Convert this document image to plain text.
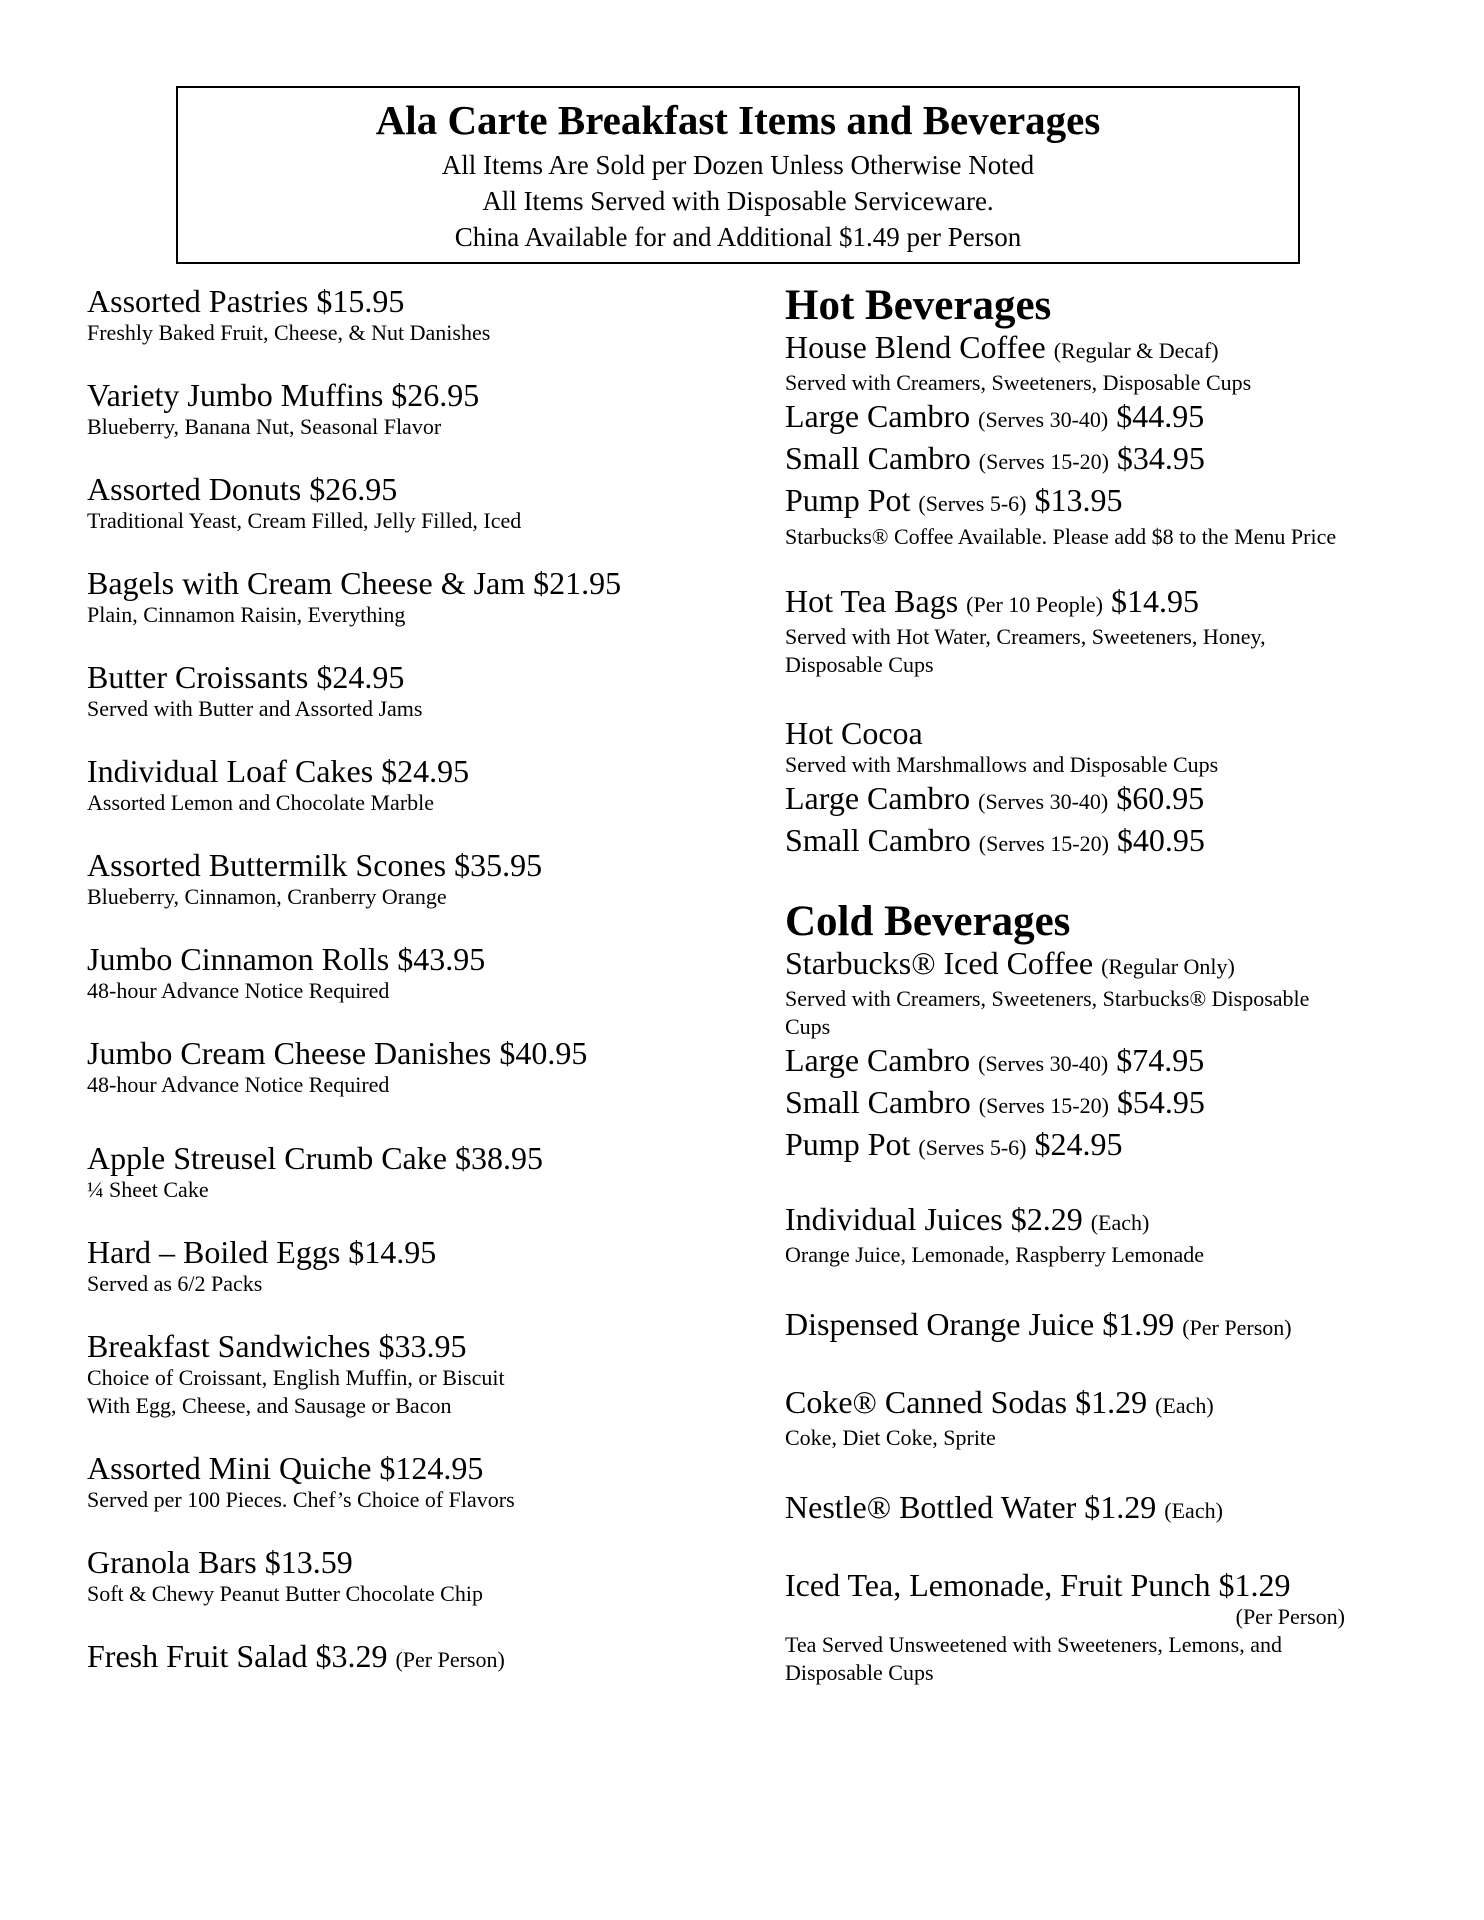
Ala Carte Breakfast Items and Beverages
All Items Are Sold per Dozen Unless Otherwise Noted
All Items Served with Disposable Serviceware.
China Available for and Additional $1.49 per Person
Assorted Pastries $15.95
Freshly Baked Fruit, Cheese, & Nut Danishes
Variety Jumbo Muffins $26.95
Blueberry, Banana Nut, Seasonal Flavor
Assorted Donuts $26.95
Traditional Yeast, Cream Filled, Jelly Filled, Iced
Bagels with Cream Cheese & Jam $21.95
Plain, Cinnamon Raisin, Everything
Butter Croissants $24.95
Served with Butter and Assorted Jams
Individual Loaf Cakes $24.95
Assorted Lemon and Chocolate Marble
Assorted Buttermilk Scones $35.95
Blueberry, Cinnamon, Cranberry Orange
Jumbo Cinnamon Rolls $43.95
48-hour Advance Notice Required
Jumbo Cream Cheese Danishes $40.95
48-hour Advance Notice Required
Apple Streusel Crumb Cake $38.95
¼ Sheet Cake
Hard – Boiled Eggs $14.95
Served as 6/2 Packs
Breakfast Sandwiches $33.95
Choice of Croissant, English Muffin, or Biscuit
With Egg, Cheese, and Sausage or Bacon
Assorted Mini Quiche $124.95
Served per 100 Pieces. Chef’s Choice of Flavors
Granola Bars $13.59
Soft & Chewy Peanut Butter Chocolate Chip
Fresh Fruit Salad $3.29 (Per Person)
Hot Beverages
House Blend Coffee (Regular & Decaf)
Served with Creamers, Sweeteners, Disposable Cups
Large Cambro (Serves 30-40) $44.95
Small Cambro (Serves 15-20) $34.95
Pump Pot (Serves 5-6) $13.95
Starbucks® Coffee Available. Please add $8 to the Menu Price
Hot Tea Bags (Per 10 People) $14.95
Served with Hot Water, Creamers, Sweeteners, Honey,
Disposable Cups
Hot Cocoa
Served with Marshmallows and Disposable Cups
Large Cambro (Serves 30-40) $60.95
Small Cambro (Serves 15-20) $40.95
Cold Beverages
Starbucks® Iced Coffee (Regular Only)
Served with Creamers, Sweeteners, Starbucks® Disposable
Cups
Large Cambro (Serves 30-40) $74.95
Small Cambro (Serves 15-20) $54.95
Pump Pot (Serves 5-6) $24.95
Individual Juices $2.29 (Each)
Orange Juice, Lemonade, Raspberry Lemonade
Dispensed Orange Juice $1.99 (Per Person)
Coke® Canned Sodas $1.29 (Each)
Coke, Diet Coke, Sprite
Nestle® Bottled Water $1.29 (Each)
Iced Tea, Lemonade, Fruit Punch $1.29
(Per Person)
Tea Served Unsweetened with Sweeteners, Lemons, and
Disposable Cups
